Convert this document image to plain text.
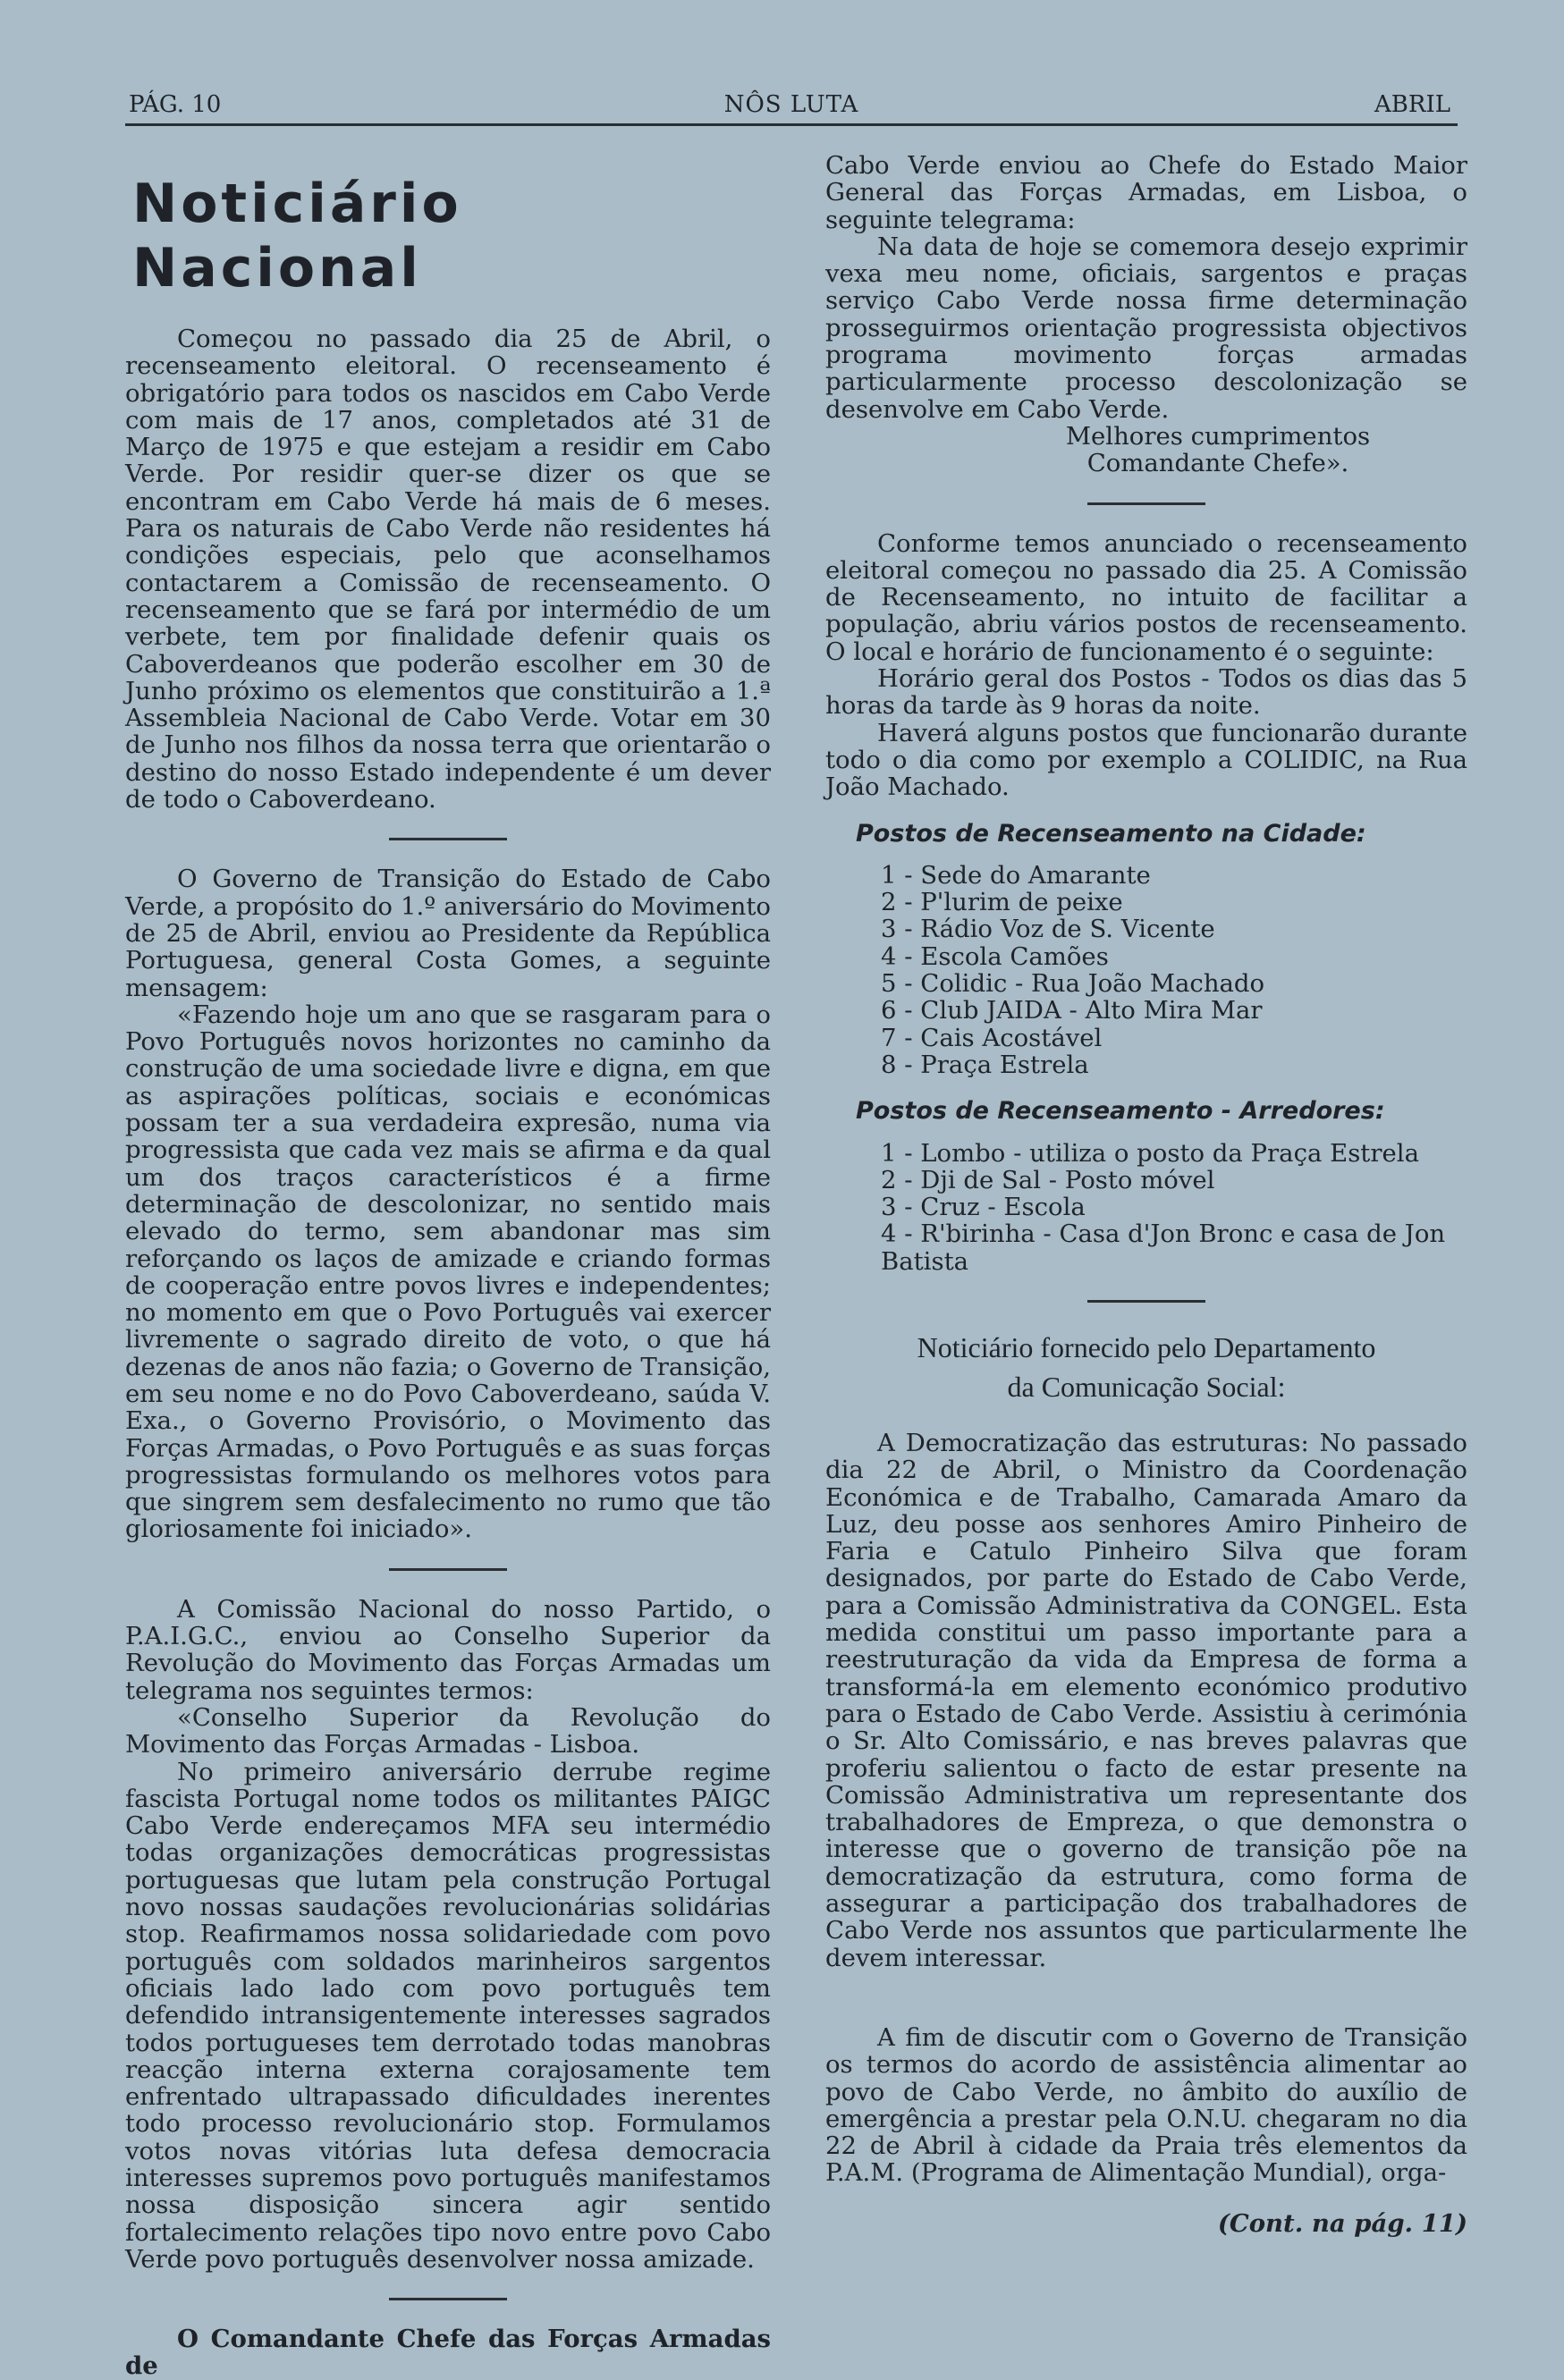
PÁG. 10	NÔS LUTA	ABRIL
Noticiário Nacional

Começou no passado dia 25 de Abril, o recenseamento eleitoral. O recenseamento é obrigatório para todos os nascidos em Cabo Verde com mais de 17 anos, completados até 31 de Março de 1975 e que estejam a residir em Cabo Verde. Por residir quer-se dizer os que se encontram em Cabo Verde há mais de 6 meses. Para os naturais de Cabo Verde não residentes há condições especiais, pelo que aconselhamos contactarem a Comissão de recenseamento. O recenseamento que se fará por intermédio de um verbete, tem por finalidade defenir quais os Caboverdeanos que poderão escolher em 30 de Junho próximo os elementos que constituirão a 1.ª Assembleia Nacional de Cabo Verde. Votar em 30 de Junho nos filhos da nossa terra que orientarão o destino do nosso Estado independente é um dever de todo o Caboverdeano.

O Governo de Transição do Estado de Cabo Verde, a propósito do 1.º aniversário do Movimento de 25 de Abril, enviou ao Presidente da República Portuguesa, general Costa Gomes, a seguinte mensagem:

«Fazendo hoje um ano que se rasgaram para o Povo Português novos horizontes no caminho da construção de uma sociedade livre e digna, em que as aspirações políticas, sociais e económicas possam ter a sua verdadeira expresão, numa via progressista que cada vez mais se afirma e da qual um dos traços característicos é a firme determinação de descolonizar, no sentido mais elevado do termo, sem abandonar mas sim reforçando os laços de amizade e criando formas de cooperação entre povos livres e independentes; no momento em que o Povo Português vai exercer livremente o sagrado direito de voto, o que há dezenas de anos não fazia; o Governo de Transição, em seu nome e no do Povo Caboverdeano, saúda V. Exa., o Governo Provisório, o Movimento das Forças Armadas, o Povo Português e as suas forças progressistas formulando os melhores votos para que singrem sem desfalecimento no rumo que tão gloriosamente foi iniciado».

A Comissão Nacional do nosso Partido, o P.A.I.G.C., enviou ao Conselho Superior da Revolução do Movimento das Forças Armadas um telegrama nos seguintes termos:

«Conselho Superior da Revolução do Movimento das Forças Armadas - Lisboa.

No primeiro aniversário derrube regime fascista Portugal nome todos os militantes PAIGC Cabo Verde endereçamos MFA seu intermédio todas organizações democráticas progressistas portuguesas que lutam pela construção Portugal novo nossas saudações revolucionárias solidárias stop. Reafirmamos nossa solidariedade com povo português com soldados marinheiros sargentos oficiais lado lado com povo português tem defendido intransigentemente interesses sagrados todos portugueses tem derrotado todas manobras reacção interna externa corajosamente tem enfrentado ultrapassado dificuldades inerentes todo processo revolucionário stop. Formulamos votos novas vitórias luta defesa democracia interesses supremos povo português manifestamos nossa disposição sincera agir sentido fortalecimento relações tipo novo entre povo Cabo Verde povo português desenvolver nossa amizade.

O Comandante Chefe das Forças Armadas de

Cabo Verde enviou ao Chefe do Estado Maior General das Forças Armadas, em Lisboa, o seguinte telegrama:

Na data de hoje se comemora desejo exprimir vexa meu nome, oficiais, sargentos e praças serviço Cabo Verde nossa firme determinação prosseguirmos orientação progressista objectivos programa movimento forças armadas particularmente processo descolonização se desenvolve em Cabo Verde.

Melhores cumprimentos

Comandante Chefe».

Conforme temos anunciado o recenseamento eleitoral começou no passado dia 25. A Comissão de Recenseamento, no intuito de facilitar a população, abriu vários postos de recenseamento. O local e horário de funcionamento é o seguinte:

Horário geral dos Postos - Todos os dias das 5 horas da tarde às 9 horas da noite.

Haverá alguns postos que funcionarão durante todo o dia como por exemplo a COLIDIC, na Rua João Machado.

Postos de Recenseamento na Cidade:
1 - Sede do Amarante
2 - P'lurim de peixe
3 - Rádio Voz de S. Vicente
4 - Escola Camões
5 - Colidic - Rua João Machado
6 - Club JAIDA - Alto Mira Mar
7 - Cais Acostável
8 - Praça Estrela
Postos de Recenseamento - Arredores:
1 - Lombo - utiliza o posto da Praça Estrela
2 - Dji de Sal - Posto móvel
3 - Cruz - Escola
4 - R'birinha - Casa d'Jon Bronc e casa de Jon Batista
Noticiário fornecido pelo Departamento
da Comunicação Social:

A Democratização das estruturas: No passado dia 22 de Abril, o Ministro da Coordenação Económica e de Trabalho, Camarada Amaro da Luz, deu posse aos senhores Amiro Pinheiro de Faria e Catulo Pinheiro Silva que foram designados, por parte do Estado de Cabo Verde, para a Comissão Administrativa da CONGEL. Esta medida constitui um passo importante para a reestruturação da vida da Empresa de forma a transformá-la em elemento económico produtivo para o Estado de Cabo Verde. Assistiu à cerimónia o Sr. Alto Comissário, e nas breves palavras que proferiu salientou o facto de estar presente na Comissão Administrativa um representante dos trabalhadores de Empreza, o que demonstra o interesse que o governo de transição põe na democratização da estrutura, como forma de assegurar a participação dos trabalhadores de Cabo Verde nos assuntos que particularmente lhe devem interessar.

A fim de discutir com o Governo de Transição os termos do acordo de assistência alimentar ao povo de Cabo Verde, no âmbito do auxílio de emergência a prestar pela O.N.U. chegaram no dia 22 de Abril à cidade da Praia três elementos da P.A.M. (Programa de Alimentação Mundial), orga-

(Cont. na pág. 11)
